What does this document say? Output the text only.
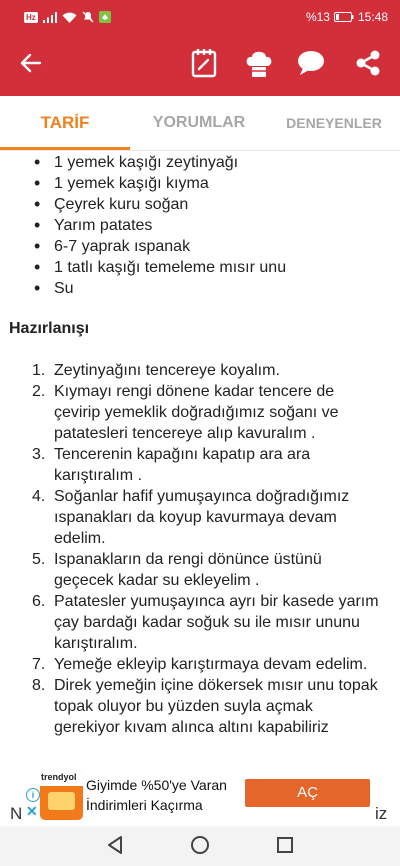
Hz	%13 15:48
TARİF	YORUMLAR	DENEYENLER
• 1 yemek kaşığı zeytinyağı
• 1 yemek kaşığı kıyma
• Çeyrek kuru soğan
• Yarım patates
• 6-7 yaprak ıspanak
• 1 tatlı kaşığı temeleme mısır unu
• Su
Hazırlanışı
1. Zeytinyağını tencereye koyalım.
2. Kıymayı rengi dönene kadar tencere de çevirip yemeklik doğradığımız soğanı ve patatesleri tencereye alıp kavuralım .
3. Tencerenin kapağını kapatıp ara ara karıştıralım .
4. Soğanlar hafif yumuşayınca doğradığımız ıspanakları da koyup kavurmaya devam edelim.
5. Ispanakların da rengi dönünce üstünü geçecek kadar su ekleyelim .
6. Patatesler yumuşayınca ayrı bir kasede yarım çay bardağı kadar soğuk su ile mısır ununu karıştıralım.
7. Yemeğe ekleyip karıştırmaya devam edelim.
8. Direk yemeğin içine dökersek mısır unu topak topak oluyor bu yüzden suyla açmak gerekiyor kıvam alınca altını kapabiliriz
N
i
✕
trendyol Giyimde %50'ye Varan
İndirimleri Kaçırma
AÇ
iz
